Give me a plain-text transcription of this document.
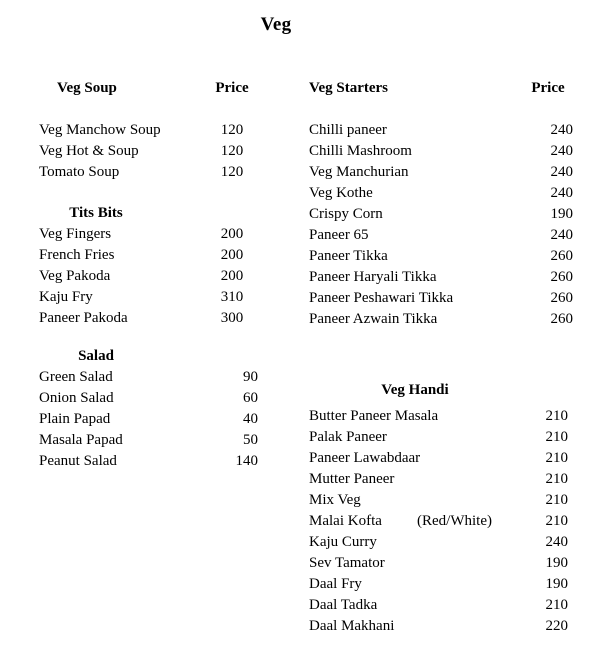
Veg
Veg Soup	Price
Veg Manchow Soup	120
Veg Hot & Soup	120
Tomato Soup	120
Tits Bits
Veg Fingers	200
French Fries	200
Veg Pakoda	200
Kaju Fry	310
Paneer Pakoda	300
Salad
Green Salad	90
Onion Salad	60
Plain Papad	40
Masala Papad	50
Peanut Salad	140
Veg Starters	Price
Chilli paneer	240
Chilli Mashroom	240
Veg Manchurian	240
Veg Kothe	240
Crispy Corn	190
Paneer 65	240
Paneer Tikka	260
Paneer Haryali Tikka	260
Paneer Peshawari Tikka	260
Paneer Azwain Tikka	260
Veg Handi
Butter Paneer Masala	210
Palak Paneer	210
Paneer Lawabdaar	210
Mutter Paneer	210
Mix Veg	210
Malai Kofta (Red/White)	210
Kaju Curry	240
Sev Tamator	190
Daal Fry	190
Daal Tadka	210
Daal Makhani	220
